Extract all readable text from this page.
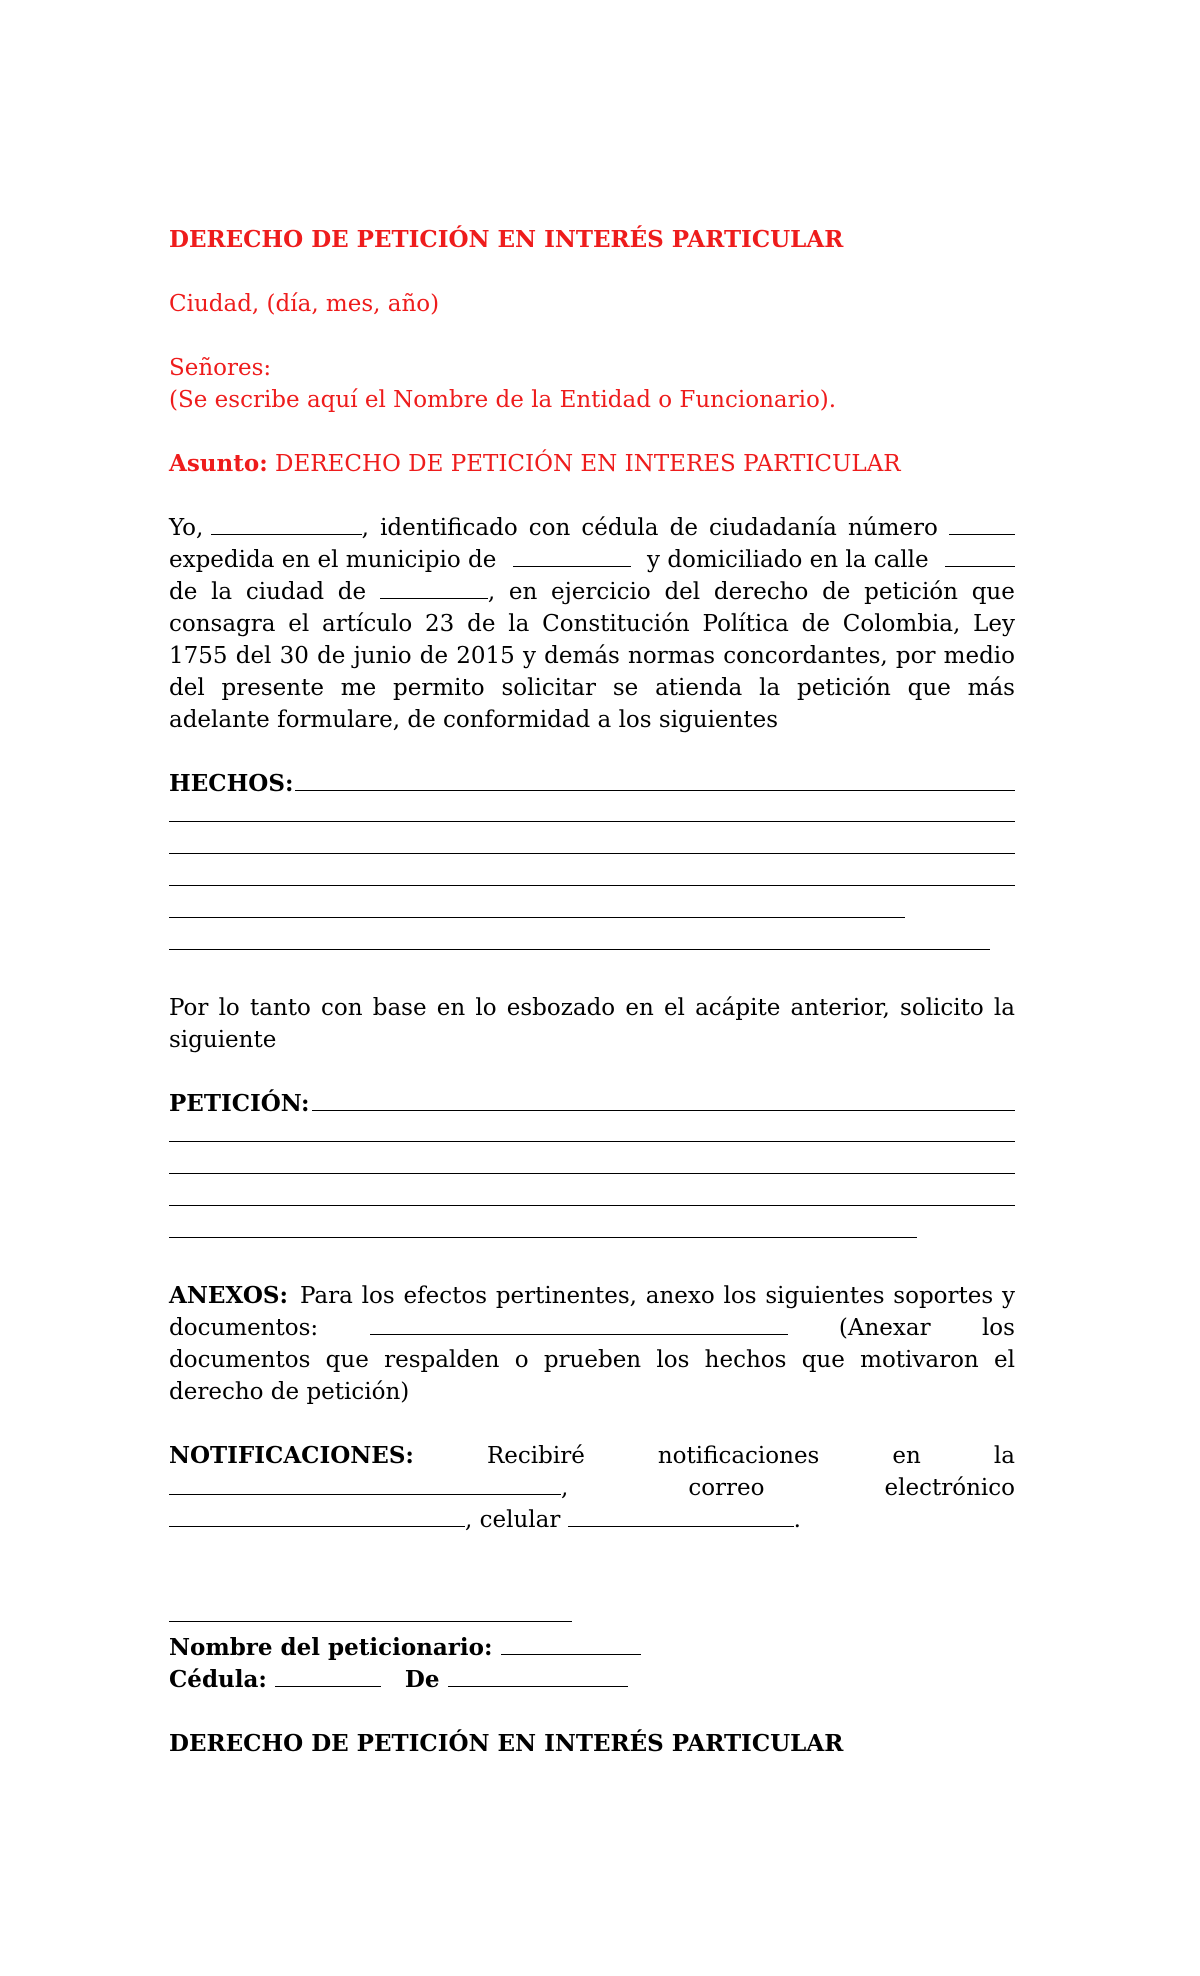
DERECHO DE PETICIÓN EN INTERÉS PARTICULAR
Ciudad, (día, mes, año)
Señores:
(Se escribe aquí el Nombre de la Entidad o Funcionario).
Asunto: DERECHO DE PETICIÓN EN INTERES PARTICULAR
Yo,	, identificado con cédula de ciudadanía número
expedida en el municipio de	y domiciliado en la calle
de la ciudad de	, en ejercicio del derecho de petición que
consagra el artículo 23 de la Constitución Política de Colombia, Ley
1755 del 30 de junio de 2015 y demás normas concordantes, por medio
del presente me permito solicitar se atienda la petición que más
adelante formulare, de conformidad a los siguientes
HECHOS:
Por lo tanto con base en lo esbozado en el acápite anterior, solicito la
siguiente
PETICIÓN:
ANEXOS: Para los efectos pertinentes, anexo los siguientes soportes y
documentos:	(Anexar los
documentos que respalden o prueben los hechos que motivaron el
derecho de petición)
NOTIFICACIONES:	Recibiré	notificaciones	en	la
,	correo	electrónico
, celular	.
Nombre del peticionario:
Cédula:	De
DERECHO DE PETICIÓN EN INTERÉS PARTICULAR
